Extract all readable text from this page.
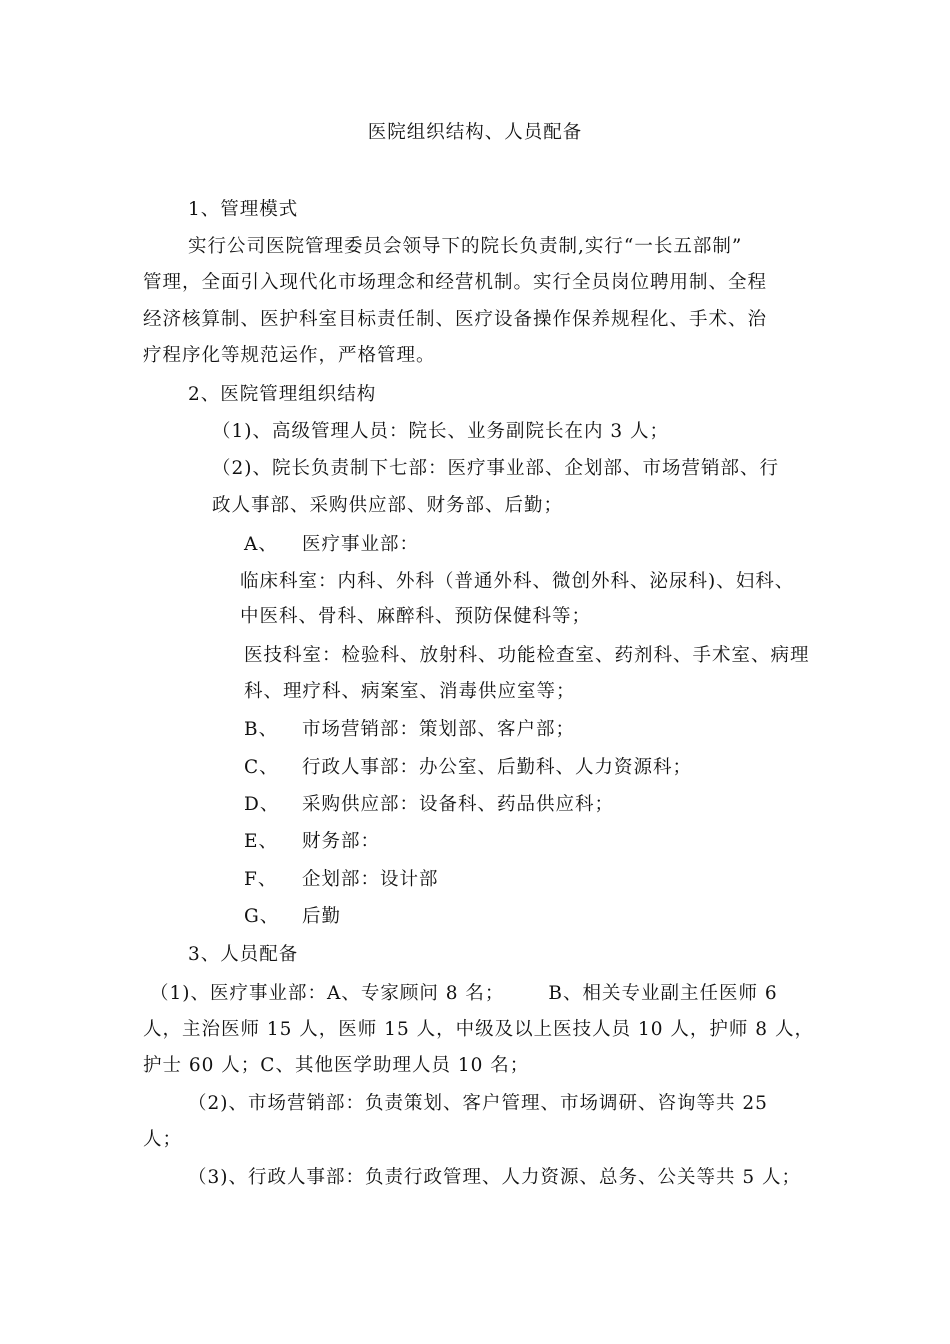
医院组织结构、人员配备
1、管理模式
实行公司医院管理委员会领导下的院长负责制,实行“一长五部制”
管理，全面引入现代化市场理念和经营机制。实行全员岗位聘用制、全程
经济核算制、医护科室目标责任制、医疗设备操作保养规程化、手术、治
疗程序化等规范运作，严格管理。
2、医院管理组织结构
（1)、高级管理人员：院长、业务副院长在内 3 人；
（2)、院长负责制下七部：医疗事业部、企划部、市场营销部、行
政人事部、采购供应部、财务部、后勤；
A、 医疗事业部：
临床科室：内科、外科（普通外科、微创外科、泌尿科)、妇科、
中医科、骨科、麻醉科、预防保健科等；
医技科室：检验科、放射科、功能检查室、药剂科、手术室、病理
科、理疗科、病案室、消毒供应室等；
B、 市场营销部：策划部、客户部；
C、 行政人事部：办公室、后勤科、人力资源科；
D、 采购供应部：设备科、药品供应科；
E、 财务部：
F、 企划部：设计部
G、 后勤
3、人员配备
（1)、医疗事业部：A、专家顾问 8 名； B、相关专业副主任医师 6
人，主治医师 15 人，医师 15 人，中级及以上医技人员 10 人，护师 8 人，
护士 60 人；C、其他医学助理人员 10 名；
（2)、市场营销部：负责策划、客户管理、市场调研、咨询等共 25
人；
（3)、行政人事部：负责行政管理、人力资源、总务、公关等共 5 人；
